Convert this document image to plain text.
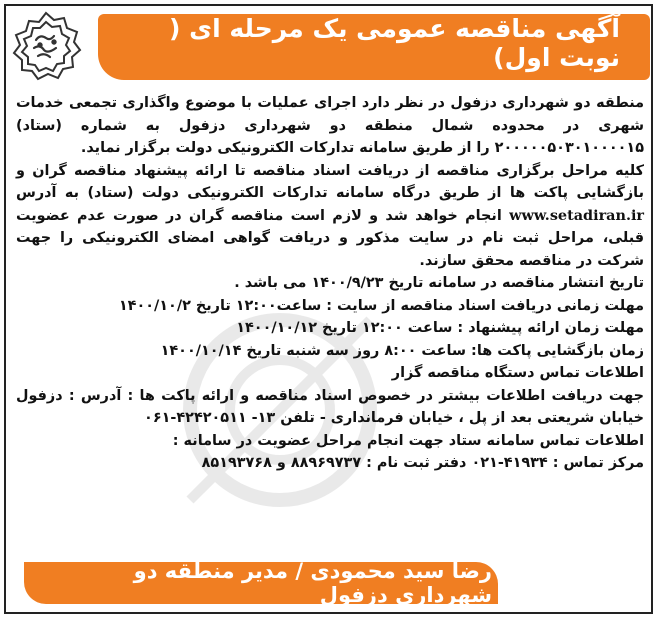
آگهی مناقصه عمومی یک مرحله ای ( نوبت اول)

منطقه دو شهرداری دزفول در نظر دارد اجرای عملیات با موضوع واگذاری تجمعی خدمات شهری در محدوده شمال منطقه دو شهرداری دزفول به شماره (ستاد) ۲۰۰۰۰۰۵۰۳۰۱۰۰۰۰۱۵ را از طریق سامانه تدارکات الکترونیکی دولت برگزار نماید.

کلیه مراحل برگزاری مناقصه از دریافت اسناد مناقصه تا ارائه پیشنهاد مناقصه گران و بازگشایی پاکت ها از طریق درگاه سامانه تدارکات الکترونیکی دولت (ستاد) به آدرس www.setadiran.ir انجام خواهد شد و لازم است مناقصه گران در صورت عدم عضویت قبلی، مراحل ثبت نام در سایت مذکور و دریافت گواهی امضای الکترونیکی را جهت شرکت در مناقصه محقق سازند.

تاریخ انتشار مناقصه در سامانه تاریخ ۱۴۰۰/۹/۲۳ می باشد .

مهلت زمانی دریافت اسناد مناقصه از سایت : ساعت۱۲:۰۰ تاریخ ۱۴۰۰/۱۰/۲

مهلت زمان ارائه پیشنهاد : ساعت ۱۲:۰۰ تاریخ ۱۴۰۰/۱۰/۱۲

زمان بازگشایی پاکت ها: ساعت ۸:۰۰ روز سه شنبه تاریخ ۱۴۰۰/۱۰/۱۴

اطلاعات تماس دستگاه مناقصه گزار

جهت دریافت اطلاعات بیشتر در خصوص اسناد مناقصه و ارائه پاکت ها : آدرس : دزفول خیابان شریعتی بعد از پل ، خیابان فرمانداری - تلفن ۱۳- ۴۲۴۲۰۵۱۱-۰۶۱

اطلاعات تماس سامانه ستاد جهت انجام مراحل عضویت در سامانه :

مرکز تماس : ۴۱۹۳۴-۰۲۱ دفتر ثبت نام : ۸۸۹۶۹۷۳۷ و ۸۵۱۹۳۷۶۸

رضا سید محمودی / مدیر منطقه دو شهرداری دزفول
